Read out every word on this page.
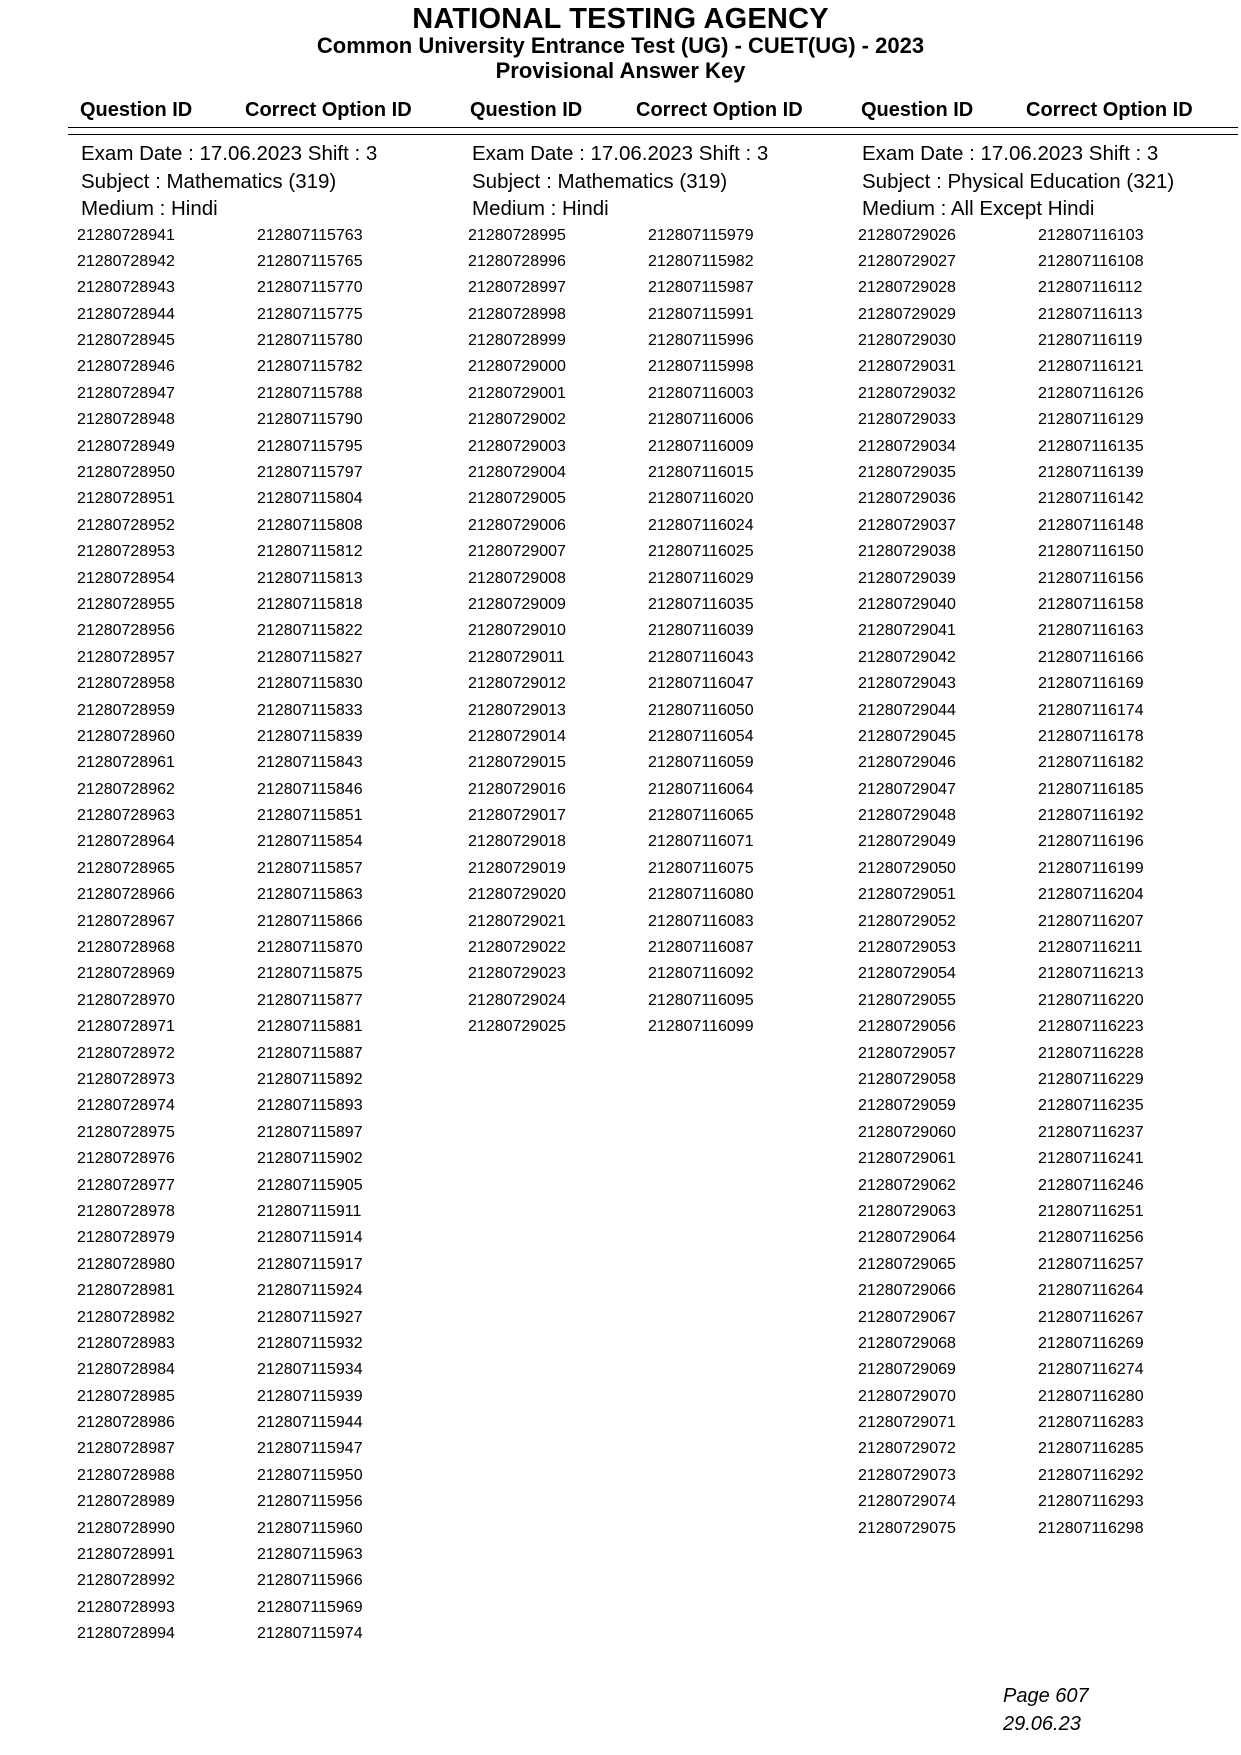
NATIONAL TESTING AGENCY
Common University Entrance Test (UG) - CUET(UG) - 2023
Provisional Answer Key
Question ID	Correct Option ID	Question ID	Correct Option ID	Question ID	Correct Option ID
Exam Date : 17.06.2023 Shift : 3
Subject : Mathematics (319)
Medium : Hindi
21280728941	212807115763
21280728942	212807115765
21280728943	212807115770
21280728944	212807115775
21280728945	212807115780
21280728946	212807115782
21280728947	212807115788
21280728948	212807115790
21280728949	212807115795
21280728950	212807115797
21280728951	212807115804
21280728952	212807115808
21280728953	212807115812
21280728954	212807115813
21280728955	212807115818
21280728956	212807115822
21280728957	212807115827
21280728958	212807115830
21280728959	212807115833
21280728960	212807115839
21280728961	212807115843
21280728962	212807115846
21280728963	212807115851
21280728964	212807115854
21280728965	212807115857
21280728966	212807115863
21280728967	212807115866
21280728968	212807115870
21280728969	212807115875
21280728970	212807115877
21280728971	212807115881
21280728972	212807115887
21280728973	212807115892
21280728974	212807115893
21280728975	212807115897
21280728976	212807115902
21280728977	212807115905
21280728978	212807115911
21280728979	212807115914
21280728980	212807115917
21280728981	212807115924
21280728982	212807115927
21280728983	212807115932
21280728984	212807115934
21280728985	212807115939
21280728986	212807115944
21280728987	212807115947
21280728988	212807115950
21280728989	212807115956
21280728990	212807115960
21280728991	212807115963
21280728992	212807115966
21280728993	212807115969
21280728994	212807115974
Exam Date : 17.06.2023 Shift : 3
Subject : Mathematics (319)
Medium : Hindi
21280728995	212807115979
21280728996	212807115982
21280728997	212807115987
21280728998	212807115991
21280728999	212807115996
21280729000	212807115998
21280729001	212807116003
21280729002	212807116006
21280729003	212807116009
21280729004	212807116015
21280729005	212807116020
21280729006	212807116024
21280729007	212807116025
21280729008	212807116029
21280729009	212807116035
21280729010	212807116039
21280729011	212807116043
21280729012	212807116047
21280729013	212807116050
21280729014	212807116054
21280729015	212807116059
21280729016	212807116064
21280729017	212807116065
21280729018	212807116071
21280729019	212807116075
21280729020	212807116080
21280729021	212807116083
21280729022	212807116087
21280729023	212807116092
21280729024	212807116095
21280729025	212807116099
Exam Date : 17.06.2023 Shift : 3
Subject : Physical Education (321)
Medium : All Except Hindi
21280729026	212807116103
21280729027	212807116108
21280729028	212807116112
21280729029	212807116113
21280729030	212807116119
21280729031	212807116121
21280729032	212807116126
21280729033	212807116129
21280729034	212807116135
21280729035	212807116139
21280729036	212807116142
21280729037	212807116148
21280729038	212807116150
21280729039	212807116156
21280729040	212807116158
21280729041	212807116163
21280729042	212807116166
21280729043	212807116169
21280729044	212807116174
21280729045	212807116178
21280729046	212807116182
21280729047	212807116185
21280729048	212807116192
21280729049	212807116196
21280729050	212807116199
21280729051	212807116204
21280729052	212807116207
21280729053	212807116211
21280729054	212807116213
21280729055	212807116220
21280729056	212807116223
21280729057	212807116228
21280729058	212807116229
21280729059	212807116235
21280729060	212807116237
21280729061	212807116241
21280729062	212807116246
21280729063	212807116251
21280729064	212807116256
21280729065	212807116257
21280729066	212807116264
21280729067	212807116267
21280729068	212807116269
21280729069	212807116274
21280729070	212807116280
21280729071	212807116283
21280729072	212807116285
21280729073	212807116292
21280729074	212807116293
21280729075	212807116298
Page 607
29.06.23
